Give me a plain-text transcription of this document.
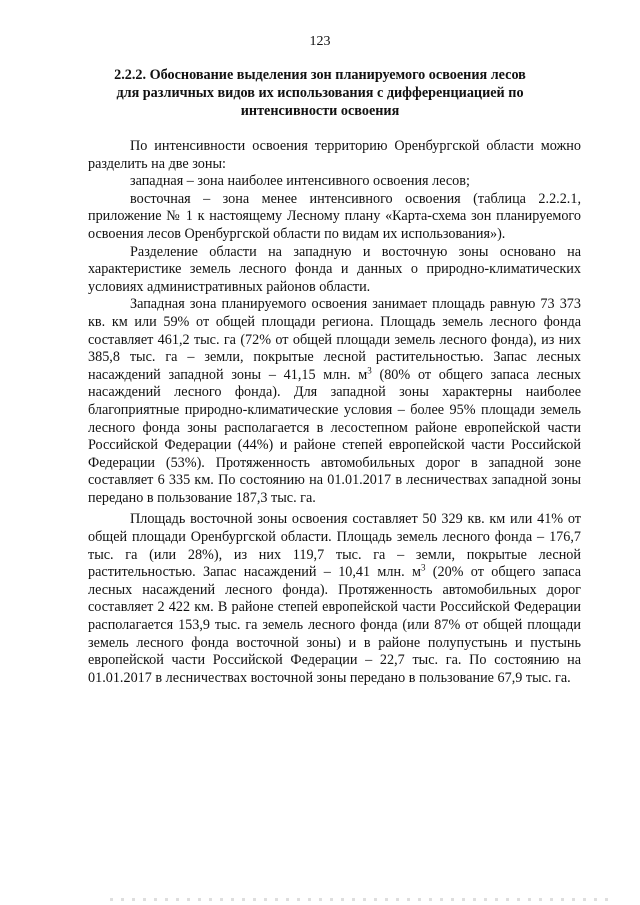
123
2.2.2. Обоснование выделения зон планируемого освоения лесов для различных видов их использования с дифференциацией по интенсивности освоения

По интенсивности освоения территорию Оренбургской области можно разделить на две зоны:

западная – зона наиболее интенсивного освоения лесов;

восточная – зона менее интенсивного освоения (таблица 2.2.2.1, приложение № 1 к настоящему Лесному плану «Карта-схема зон планируемого освоения лесов Оренбургской области по видам их использования»).

Разделение области на западную и восточную зоны основано на характеристике земель лесного фонда и данных о природно-климатических условиях административных районов области.

Западная зона планируемого освоения занимает площадь равную 73 373 кв. км или 59% от общей площади региона. Площадь земель лесного фонда составляет 461,2 тыс. га (72% от общей площади земель лесного фонда), из них 385,8 тыс. га – земли, покрытые лесной растительностью. Запас лесных насаждений западной зоны – 41,15 млн. $м^3$ (80% от общего запаса лесных насаждений лесного фонда). Для западной зоны характерны наиболее благоприятные природно-климатические условия – более 95% площади земель лесного фонда зоны располагается в лесостепном районе европейской части Российской Федерации (44%) и районе степей европейской части Российской Федерации (53%). Протяженность автомобильных дорог в западной зоне составляет 6 335 км. По состоянию на 01.01.2017 в лесничествах западной зоны передано в пользование 187,3 тыс. га.

Площадь восточной зоны освоения составляет 50 329 кв. км или 41% от общей площади Оренбургской области. Площадь земель лесного фонда – 176,7 тыс. га (или 28%), из них 119,7 тыс. га – земли, покрытые лесной растительностью. Запас насаждений – 10,41 млн. $м^3$ (20% от общего запаса лесных насаждений лесного фонда). Протяженность автомобильных дорог составляет 2 422 км. В районе степей европейской части Российской Федерации располагается 153,9 тыс. га земель лесного фонда (или 87% от общей площади земель лесного фонда восточной зоны) и в районе полупустынь и пустынь европейской части Российской Федерации – 22,7 тыс. га. По состоянию на 01.01.2017 в лесничествах восточной зоны передано в пользование 67,9 тыс. га.
